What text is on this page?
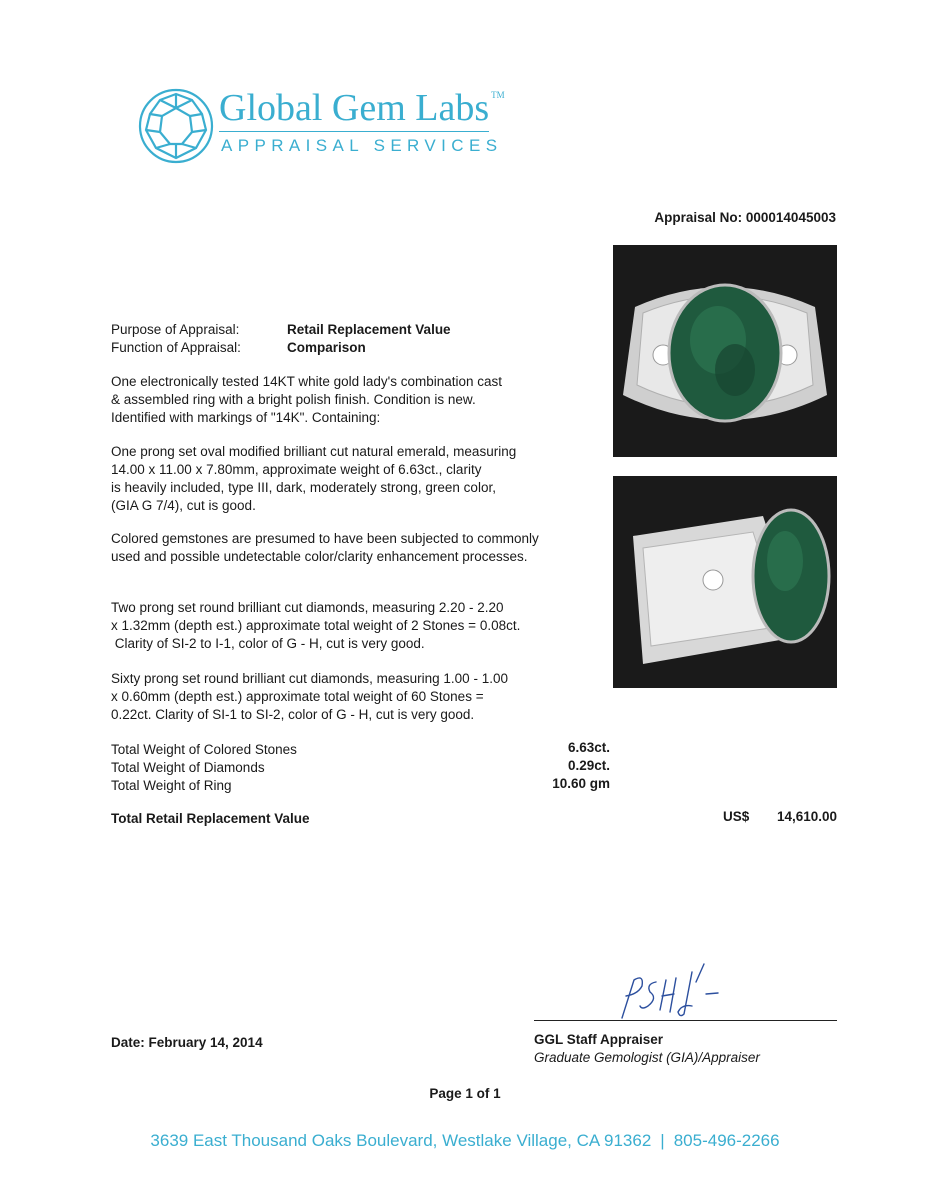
Global Gem Labs ™
APPRAISAL SERVICES
Appraisal No: 000014045003
Purpose of Appraisal:	Retail Replacement Value
Function of Appraisal:	Comparison

One electronically tested 14KT white gold lady's combination cast

& assembled ring with a bright polish finish. Condition is new.

Identified with markings of "14K". Containing:

One prong set oval modified brilliant cut natural emerald, measuring

14.00 x 11.00 x 7.80mm, approximate weight of 6.63ct., clarity

is heavily included, type III, dark, moderately strong, green color,

(GIA G 7/4), cut is good.

Colored gemstones are presumed to have been subjected to commonly

used and possible undetectable color/clarity enhancement processes.

Two prong set round brilliant cut diamonds, measuring 2.20 - 2.20

x 1.32mm (depth est.) approximate total weight of 2 Stones = 0.08ct.

Clarity of SI-2 to I-1, color of G - H, cut is very good.

Sixty prong set round brilliant cut diamonds, measuring 1.00 - 1.00

x 0.60mm (depth est.) approximate total weight of 60 Stones =

0.22ct. Clarity of SI-1 to SI-2, color of G - H, cut is very good.

Total Weight of Colored Stones	6.63ct.
Total Weight of Diamonds	0.29ct.
Total Weight of Ring	10.60 gm
Total Retail Replacement Value	US$	14,610.00
GGL Staff Appraiser
Graduate Gemologist (GIA)/Appraiser
Date: February 14, 2014
Page 1 of 1
3639 East Thousand Oaks Boulevard, Westlake Village, CA 91362 | 805-496-2266
